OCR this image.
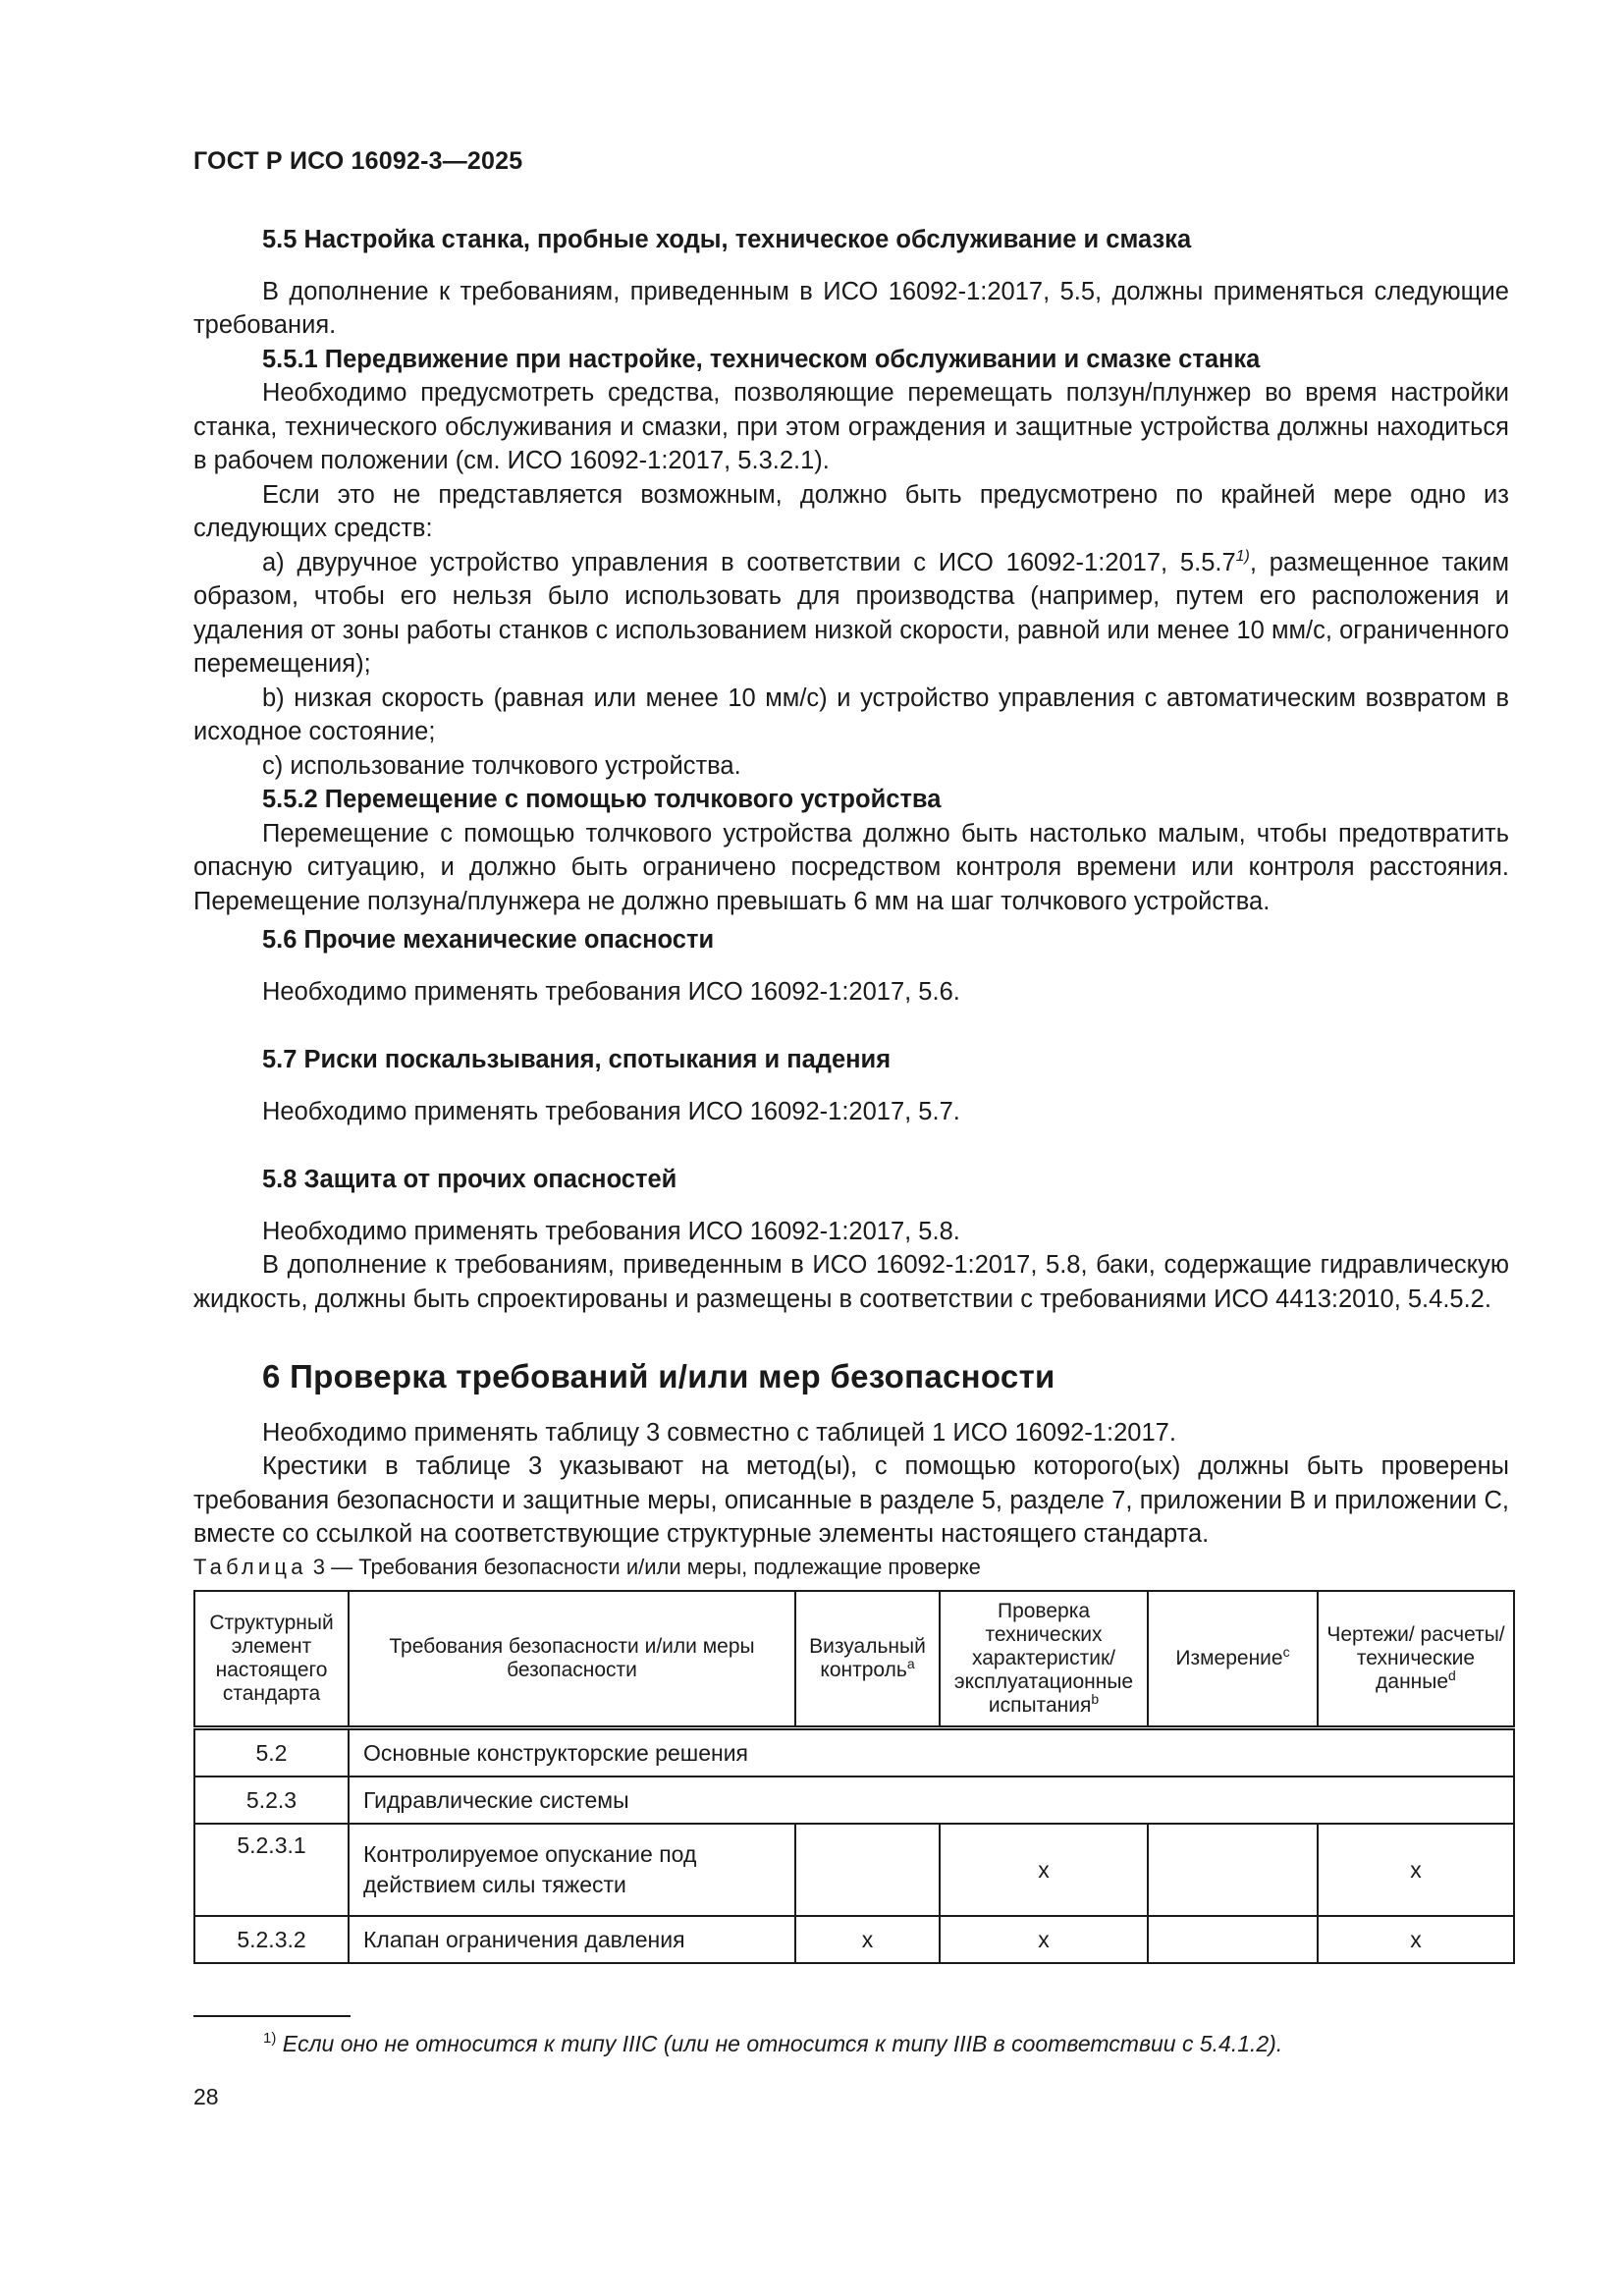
ГОСТ Р ИСО 16092-3—2025

5.5 Настройка станка, пробные ходы, техническое обслуживание и смазка

В дополнение к требованиям, приведенным в ИСО 16092-1:2017, 5.5, должны применяться следующие требования.

5.5.1 Передвижение при настройке, техническом обслуживании и смазке станка

Необходимо предусмотреть средства, позволяющие перемещать ползун/плунжер во время настройки станка, технического обслуживания и смазки, при этом ограждения и защитные устройства должны находиться в рабочем положении (см. ИСО 16092-1:2017, 5.3.2.1).

Если это не представляется возможным, должно быть предусмотрено по крайней мере одно из следующих средств:

а) двуручное устройство управления в соответствии с ИСО 16092-1:2017, 5.5.7$^{1)}$, размещенное таким образом, чтобы его нельзя было использовать для производства (например, путем его расположения и удаления от зоны работы станков с использованием низкой скорости, равной или менее 10 мм/с, ограниченного перемещения);

b) низкая скорость (равная или менее 10 мм/с) и устройство управления с автоматическим возвратом в исходное состояние;

c) использование толчкового устройства.

5.5.2 Перемещение с помощью толчкового устройства

Перемещение с помощью толчкового устройства должно быть настолько малым, чтобы предотвратить опасную ситуацию, и должно быть ограничено посредством контроля времени или контроля расстояния. Перемещение ползуна/плунжера не должно превышать 6 мм на шаг толчкового устройства.

5.6 Прочие механические опасности

Необходимо применять требования ИСО 16092-1:2017, 5.6.

5.7 Риски поскальзывания, спотыкания и падения

Необходимо применять требования ИСО 16092-1:2017, 5.7.

5.8 Защита от прочих опасностей

Необходимо применять требования ИСО 16092-1:2017, 5.8.

В дополнение к требованиям, приведенным в ИСО 16092-1:2017, 5.8, баки, содержащие гидравлическую жидкость, должны быть спроектированы и размещены в соответствии с требованиями ИСО 4413:2010, 5.4.5.2.

6 Проверка требований и/или мер безопасности

Необходимо применять таблицу 3 совместно с таблицей 1 ИСО 16092-1:2017.

Крестики в таблице 3 указывают на метод(ы), с помощью которого(ых) должны быть проверены требования безопасности и защитные меры, описанные в разделе 5, разделе 7, приложении В и приложении С, вместе со ссылкой на соответствующие структурные элементы настоящего стандарта.

Таблица 3 — Требования безопасности и/или меры, подлежащие проверке
Структурный элемент настоящего стандарта	Требования безопасности и/или меры безопасности	Визуальный контроль$^a$	Проверка технических характеристик/ эксплуатационные испытания$^b$	Измерение$^c$	Чертежи/ расчеты/ технические данные$^d$
5.2	Основные конструкторские решения				
5.2.3	Гидравлические системы				
5.2.3.1	Контролируемое опускание под действием силы тяжести		x		x
5.2.3.2	Клапан ограничения давления	x	x		x
$^{1)}$ Если оно не относится к типу IIIC (или не относится к типу IIIB в соответствии с 5.4.1.2).
28
